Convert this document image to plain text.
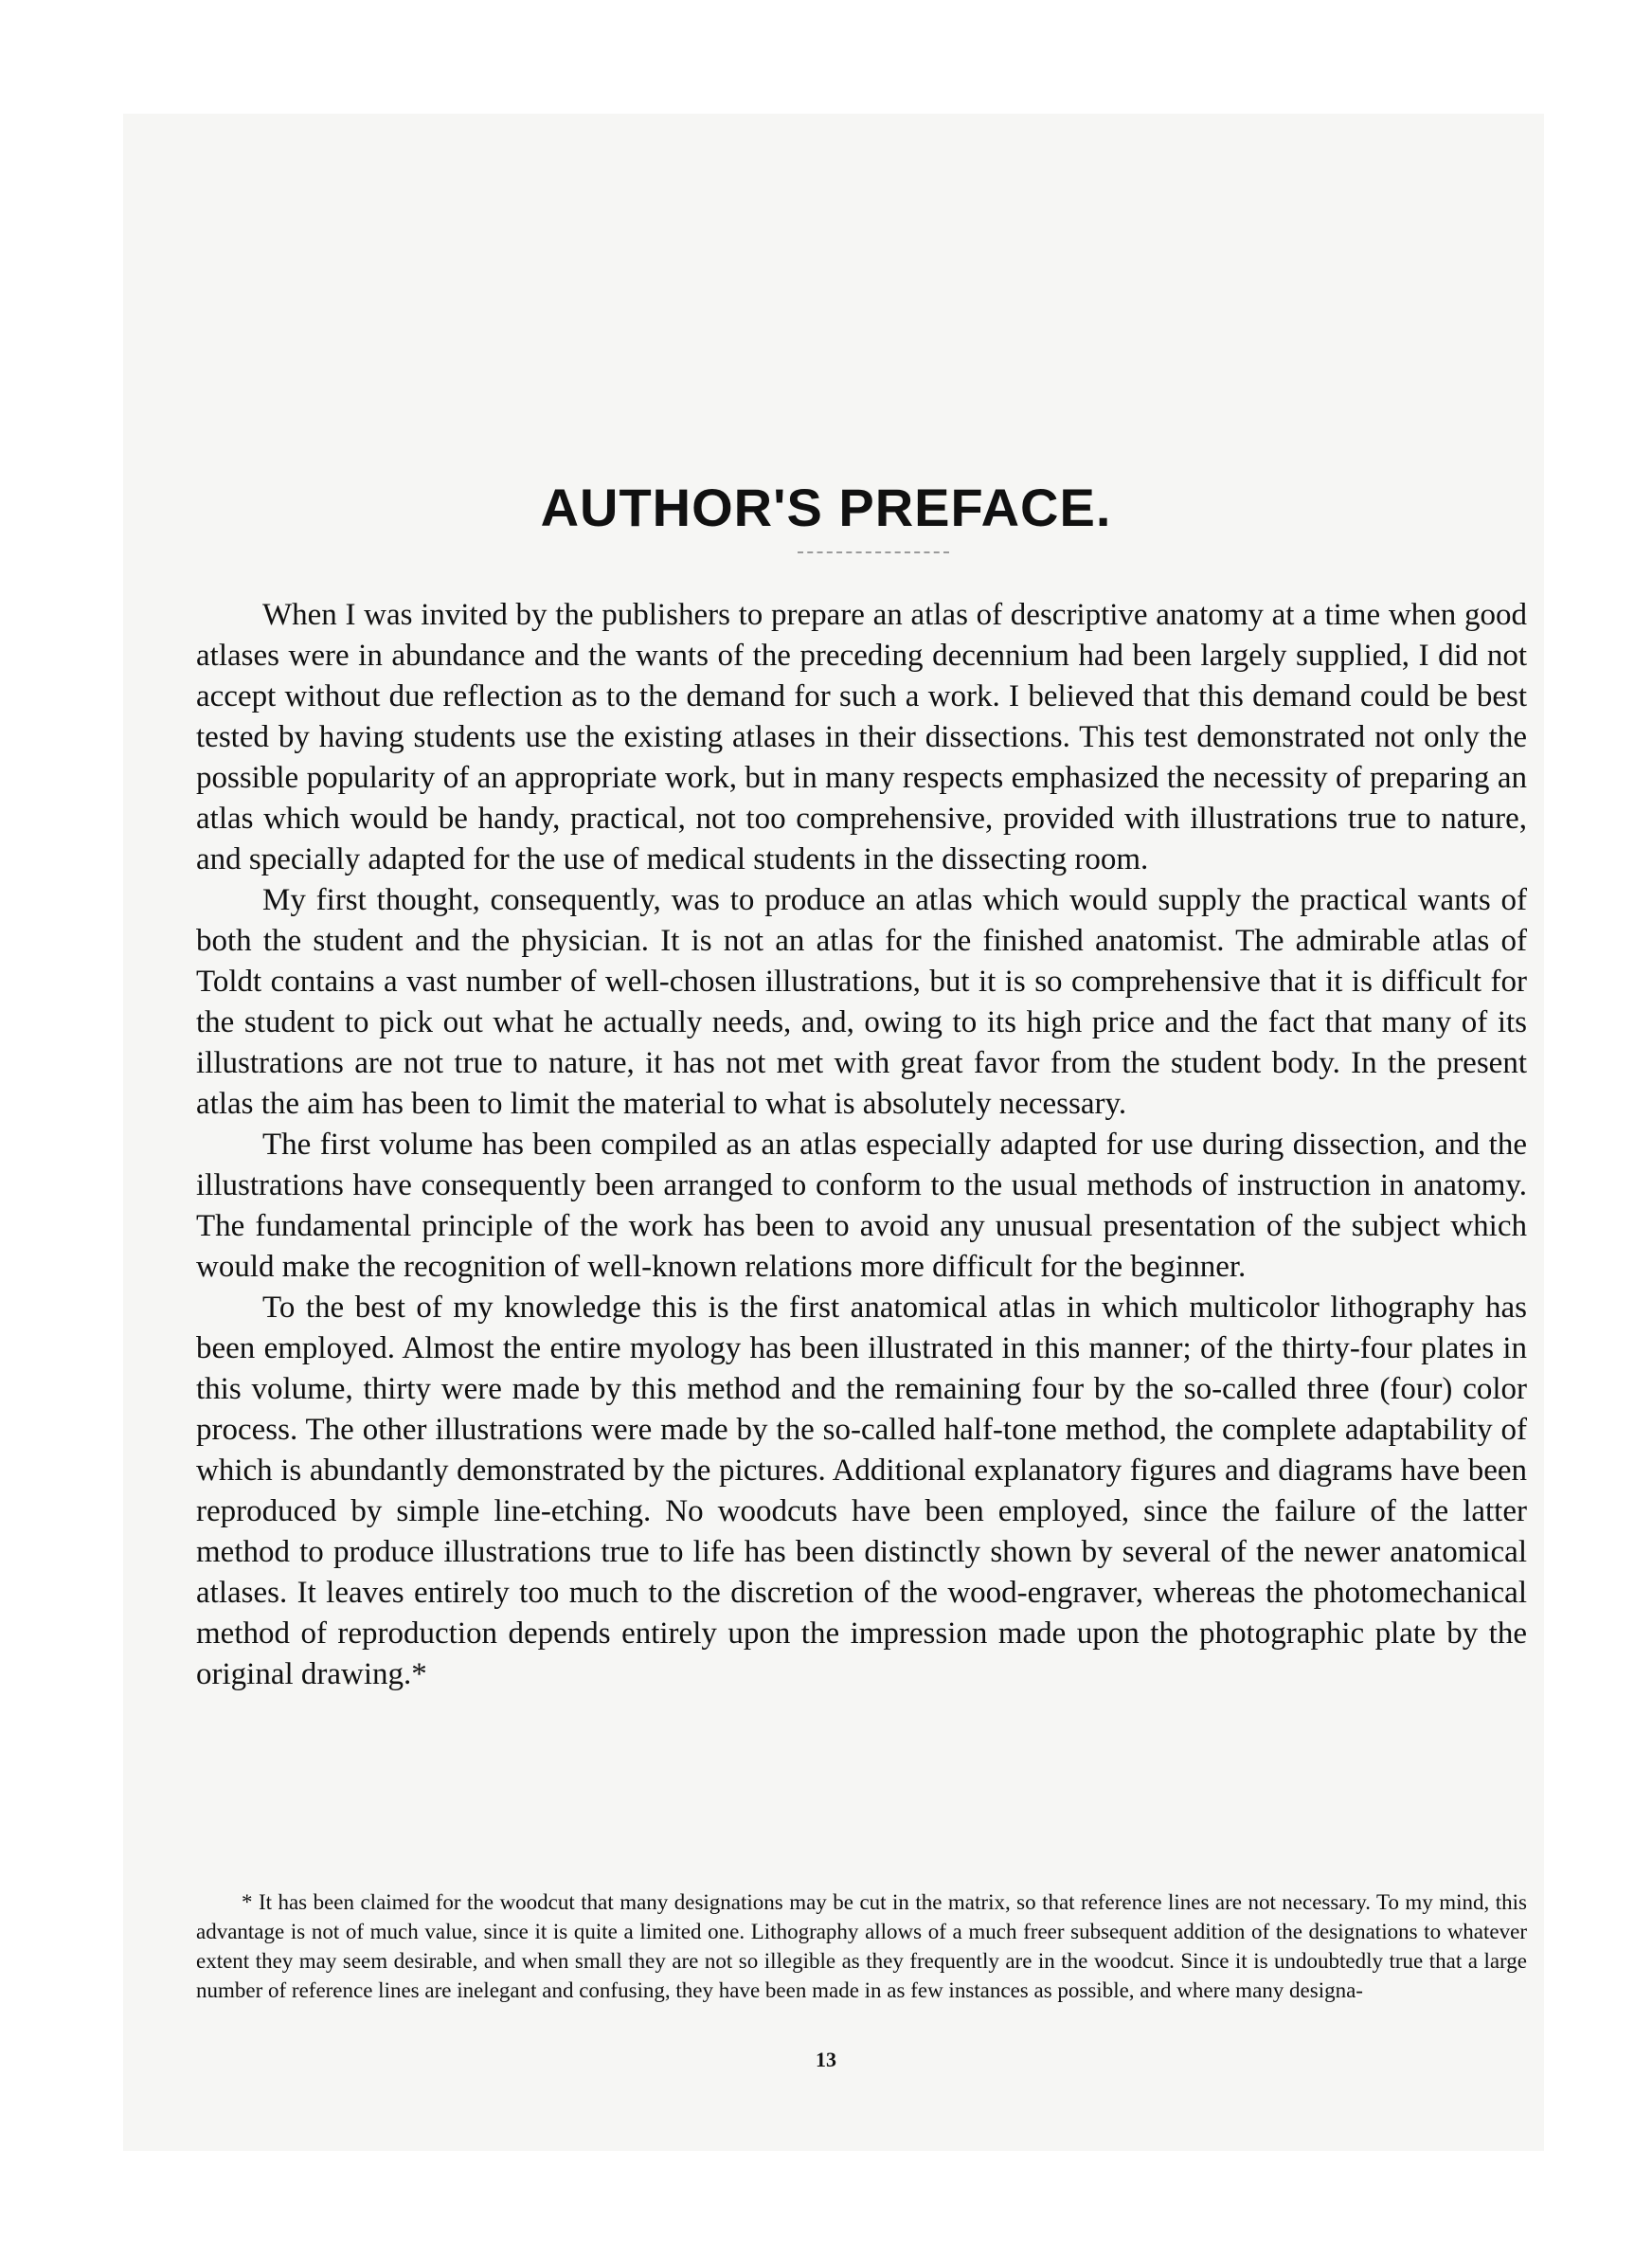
AUTHOR'S PREFACE.

When I was invited by the publishers to prepare an atlas of descriptive anatomy at a time when good atlases were in abundance and the wants of the preceding decennium had been largely supplied, I did not accept without due reflection as to the demand for such a work. I believed that this demand could be best tested by having students use the existing atlases in their dissections. This test demonstrated not only the possible popularity of an appropriate work, but in many respects emphasized the necessity of preparing an atlas which would be handy, practical, not too comprehensive, provided with illustrations true to nature, and specially adapted for the use of medical students in the dissecting room.

My first thought, consequently, was to produce an atlas which would supply the practical wants of both the student and the physician. It is not an atlas for the finished anatomist. The admirable atlas of Toldt contains a vast number of well-chosen illustrations, but it is so comprehensive that it is difficult for the student to pick out what he actually needs, and, owing to its high price and the fact that many of its illustrations are not true to nature, it has not met with great favor from the student body. In the present atlas the aim has been to limit the material to what is absolutely necessary.

The first volume has been compiled as an atlas especially adapted for use during dissection, and the illustrations have consequently been arranged to conform to the usual methods of instruction in anatomy. The fundamental principle of the work has been to avoid any unusual presentation of the subject which would make the recognition of well-known relations more difficult for the beginner.

To the best of my knowledge this is the first anatomical atlas in which multicolor lithography has been employed. Almost the entire myology has been illustrated in this manner; of the thirty-four plates in this volume, thirty were made by this method and the remaining four by the so-called three (four) color process. The other illustrations were made by the so-called half-tone method, the complete adaptability of which is abundantly demonstrated by the pictures. Additional explanatory figures and diagrams have been reproduced by simple line-etching. No woodcuts have been employed, since the failure of the latter method to produce illustrations true to life has been distinctly shown by several of the newer anatomical atlases. It leaves entirely too much to the discretion of the wood-engraver, whereas the photomechanical method of reproduction depends entirely upon the impression made upon the photographic plate by the original drawing.*

* It has been claimed for the woodcut that many designations may be cut in the matrix, so that reference lines are not necessary. To my mind, this advantage is not of much value, since it is quite a limited one. Lithography allows of a much freer subsequent addition of the designations to whatever extent they may seem desirable, and when small they are not so illegible as they frequently are in the woodcut. Since it is undoubtedly true that a large number of reference lines are inelegant and confusing, they have been made in as few instances as possible, and where many designa-

13
